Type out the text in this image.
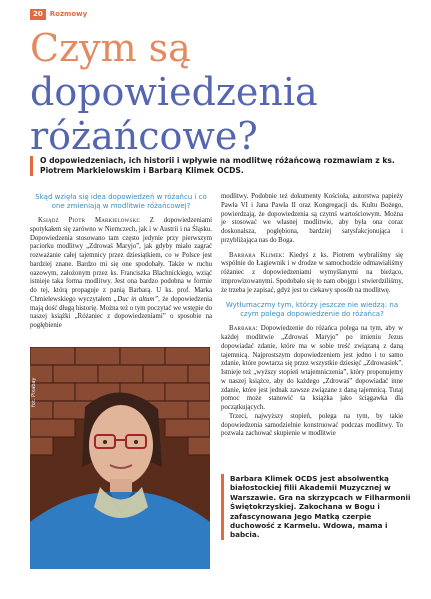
20	Rozmowy
Czym są
dopowiedzenia
różańcowe?
O dopowiedzeniach, ich historii i wpływie na modlitwę różańcową rozmawiam z ks. Piotrem Markielowskim i Barbarą Klimek OCDS.
Skąd wzięła się idea dopowiedzeń w różańcu i co one zmieniają w modlitwie różańcowej?

Ksiądz Piotr Markielowski: Z dopowiedzeniami spotykałem się zarówno w Niemczech, jak i w Austrii i na Śląsku. Dopowiedzenia stosowano tam często jedynie przy pierwszym paciorku modlitwy „Zdrowaś Maryjo”, jak gdyby miało zagrać rozważanie całej tajemnicy przez dziesiątkiem, co w Polsce jest bardziej znane. Bardzo mi się one spodobały. Także w ruchu oazowym, założonym przez ks. Franciszka Blachnickiego, wziąć istnieje taka forma modlitwy. Jest ona bardzo podobna w formie do tej, którą propaguje z panią Barbarą. U ks. prof. Marka Chmielewskiego wyczytałem „Duc in altum”, że dopowiedzenia mają dość długą historię. Można też o tym poczytać we wstępie do naszej książki „Różaniec z dopowiedzeniami” o sposobie na pogłębienie

fot. Pixabay

modlitwy. Podobnie też dokumenty Kościoła, autorstwa papieży Pawła VI i Jana Pawła II oraz Kongregacji ds. Kultu Bożego, powierdzają, że dopowiedzenia są czymś wartościowym. Można je stosować we własnej modlitwie, aby była ona coraz doskonalsza, pogłębiona, bardziej satysfakcjonująca i przybliżająca nas do Boga.

Barbara Klimek: Kiedyś z ks. Piotrem wybraliśmy się wspólnie do Łagiewnik i w drodze w samochodzie odmawialiśmy różaniec z dopowiedzeniami wymyślanymi na bieżąco, improwizowanymi. Spodobało się to nam obojgu i stwierdziliśmy, że trzeba je zapisać, gdyż jest to ciekawy sposób na modlitwę.

Wytłumaczmy tym, którzy jeszcze nie wiedzą: na czym polega dopowiedzenie do różańca?

Barbara: Dopowiedzenie do różańca polega na tym, aby w każdej modlitwie „Zdrowaś Maryjo” po imieniu Jezus dopowiadać zdanie, które ma w sobie treść związaną z daną tajemnicą. Najprostszym dopowiedzeniem jest jedno i to samo zdanie, które powtarza się przez wszystkie dziesięć „Zdrowasiek”. Istnieje też „wyższy stopień wtajemniczenia”, który proponujemy w naszej książce, aby do każdego „Zdrowaś” dopowiadać inne zdanie, które jest jednak zawsze związane z daną tajemnicą. Tutaj pomoc może stanowić ta książka jako ściągawka dla początkujących.

Trzeci, najwyższy stopień, polega na tym, by takie dopowiedzenia samodzielnie konstruować podczas modlitwy. To pozwala zachować skupienie w modlitwie

Barbara Klimek OCDS jest absolwentką białostockiej filii Akademii Muzycznej w Warszawie. Gra na skrzypcach w Filharmonii Świętokrzyskiej. Zakochana w Bogu i zafascynowana Jego Matką czerpie duchowość z Karmelu. Wdowa, mama i babcia.
